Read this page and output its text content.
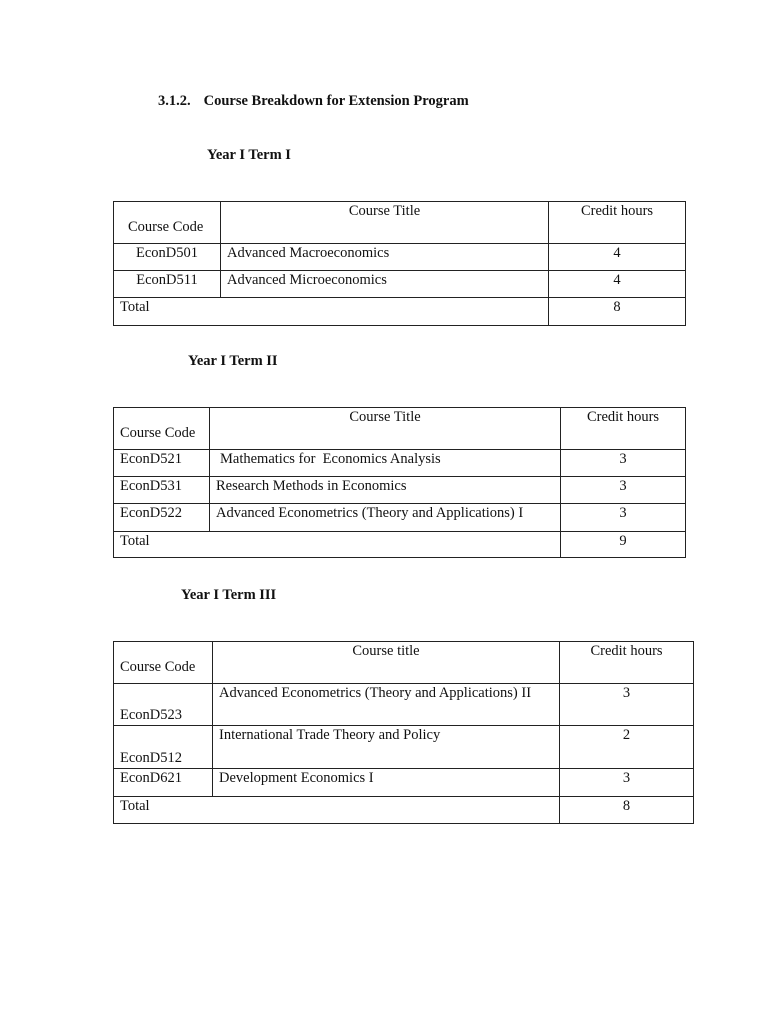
3.1.2. Course Breakdown for Extension Program
Year I Term I
Course Code	Course Title	Credit hours
EconD501	Advanced Macroeconomics	4
EconD511	Advanced Microeconomics	4
Total		8
Year I Term II
Course Code	Course Title	Credit hours
EconD521	Mathematics for  Economics Analysis	3
EconD531	Research Methods in Economics	3
EconD522	Advanced Econometrics (Theory and Applications) I	3
Total		9
Year I Term III
Course Code	Course title	Credit hours
EconD523	Advanced Econometrics (Theory and Applications) II	3
EconD512	International Trade Theory and Policy	2
EconD621	Development Economics I	3
Total		8
